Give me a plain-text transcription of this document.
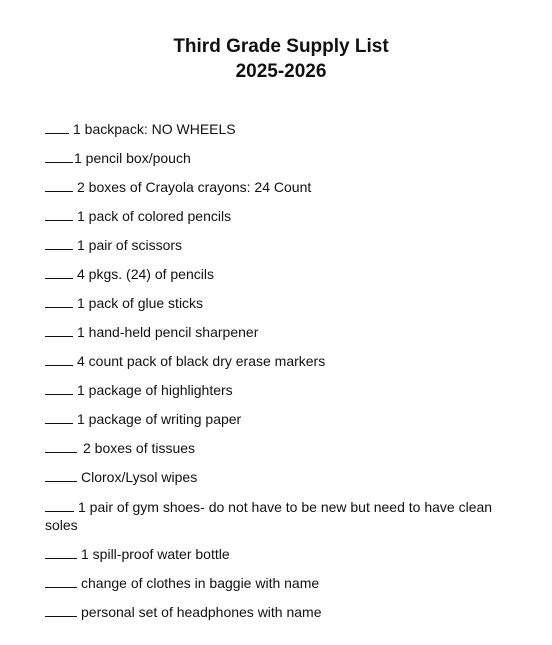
Third Grade Supply List
2025-2026
1 backpack: NO WHEELS
1 pencil box/pouch
2 boxes of Crayola crayons: 24 Count
1 pack of colored pencils
1 pair of scissors
4 pkgs. (24) of pencils
1 pack of glue sticks
1 hand-held pencil sharpener
4 count pack of black dry erase markers
1 package of highlighters
1 package of writing paper
2 boxes of tissues
Clorox/Lysol wipes
1 pair of gym shoes- do not have to be new but need to have clean soles
1 spill-proof water bottle
change of clothes in baggie with name
personal set of headphones with name
